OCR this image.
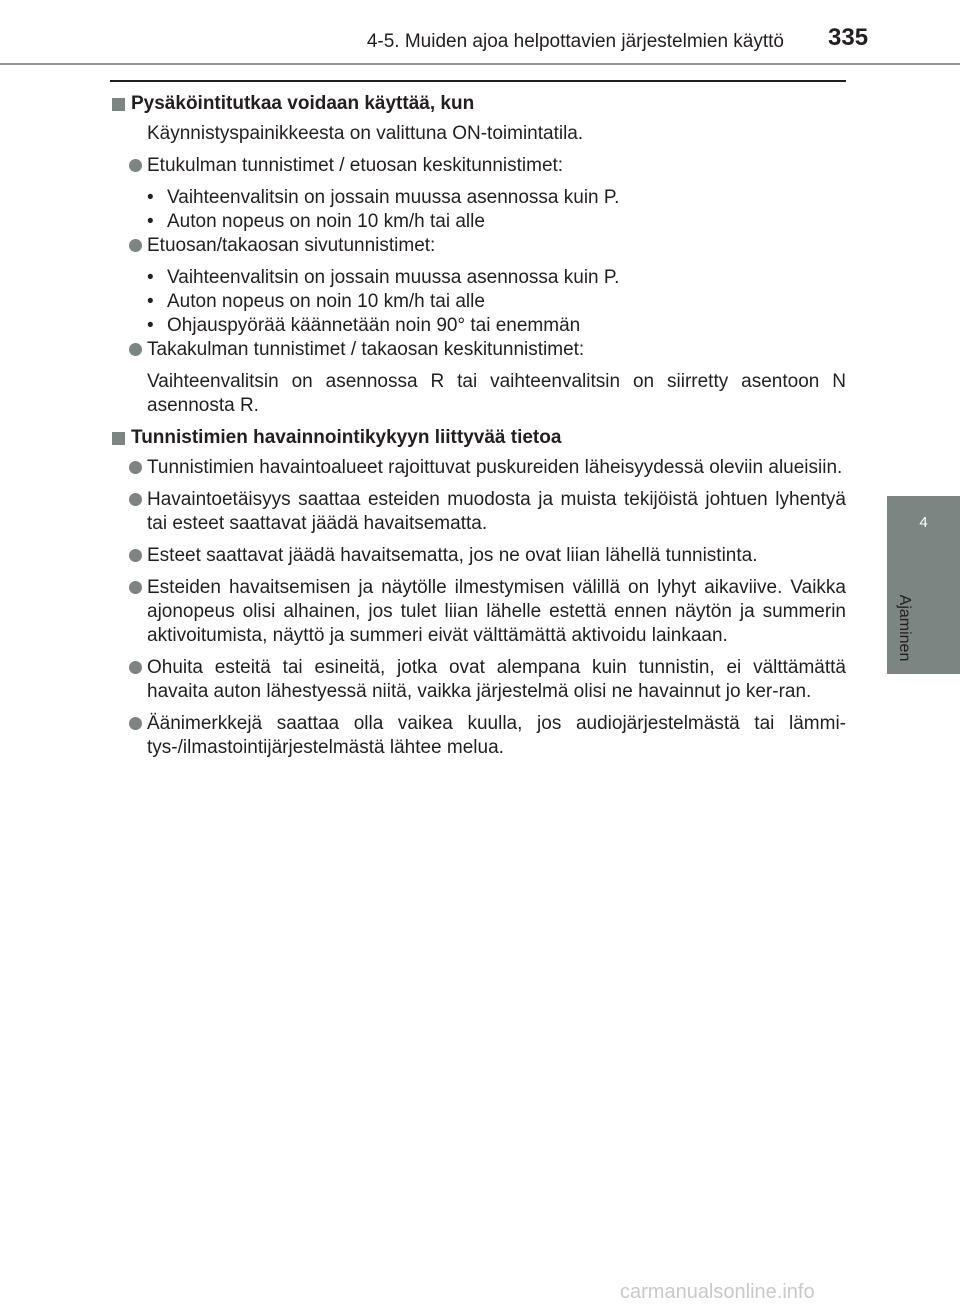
4-5. Muiden ajoa helpottavien järjestelmien käyttö 335
4
Ajaminen
Pysäköintitutkaa voidaan käyttää, kun
Käynnistyspainikkeesta on valittuna ON-toimintatila.
Etukulman tunnistimet / etuosan keskitunnistimet:
• Vaihteenvalitsin on jossain muussa asennossa kuin P.
• Auton nopeus on noin 10 km/h tai alle
Etuosan/takaosan sivutunnistimet:
• Vaihteenvalitsin on jossain muussa asennossa kuin P.
• Auton nopeus on noin 10 km/h tai alle
• Ohjauspyörää käännetään noin 90° tai enemmän
Takakulman tunnistimet / takaosan keskitunnistimet:
Vaihteenvalitsin on asennossa R tai vaihteenvalitsin on siirretty asentoon N asennosta R.
Tunnistimien havainnointikykyyn liittyvää tietoa
Tunnistimien havaintoalueet rajoittuvat puskureiden läheisyydessä oleviin alueisiin.
Havaintoetäisyys saattaa esteiden muodosta ja muista tekijöistä johtuen lyhentyä tai esteet saattavat jäädä havaitsematta.
Esteet saattavat jäädä havaitsematta, jos ne ovat liian lähellä tunnistinta.
Esteiden havaitsemisen ja näytölle ilmestymisen välillä on lyhyt aikaviive. Vaikka ajonopeus olisi alhainen, jos tulet liian lähelle estettä ennen näytön ja summerin aktivoitumista, näyttö ja summeri eivät välttämättä aktivoidu lainkaan.
Ohuita esteitä tai esineitä, jotka ovat alempana kuin tunnistin, ei välttämättä havaita auton lähestyessä niitä, vaikka järjestelmä olisi ne havainnut jo ker-ran.
Äänimerkkejä saattaa olla vaikea kuulla, jos audiojärjestelmästä tai lämmi-tys-/ilmastointijärjestelmästä lähtee melua.
carmanualsonline.info
